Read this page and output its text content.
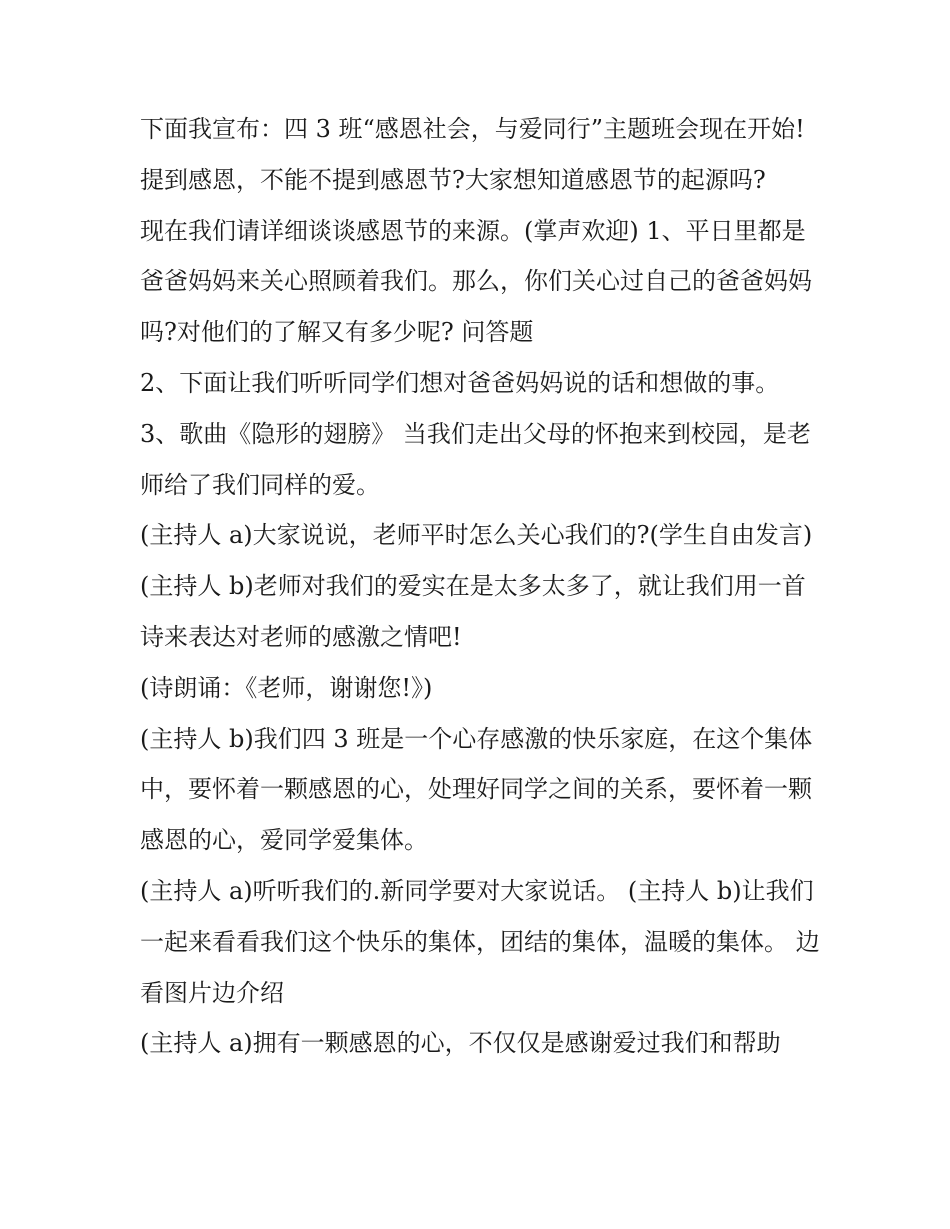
下面我宣布：四 3 班“感恩社会，与爱同行”主题班会现在开始! 提到感恩，不能不提到感恩节?大家想知道感恩节的起源吗?

现在我们请详细谈谈感恩节的来源。(掌声欢迎) 1、平日里都是爸爸妈妈来关心照顾着我们。那么，你们关心过自己的爸爸妈妈吗?对他们的了解又有多少呢? 问答题

2、下面让我们听听同学们想对爸爸妈妈说的话和想做的事。

3、歌曲《隐形的翅膀》 当我们走出父母的怀抱来到校园，是老师给了我们同样的爱。

(主持人 a)大家说说，老师平时怎么关心我们的?(学生自由发言) (主持人 b)老师对我们的爱实在是太多太多了，就让我们用一首诗来表达对老师的感激之情吧!

(诗朗诵：《老师，谢谢您!》)

(主持人 b)我们四 3 班是一个心存感激的快乐家庭，在这个集体中，要怀着一颗感恩的心，处理好同学之间的关系，要怀着一颗感恩的心，爱同学爱集体。

(主持人 a)听听我们的.新同学要对大家说话。 (主持人 b)让我们一起来看看我们这个快乐的集体，团结的集体，温暖的集体。 边看图片边介绍

(主持人 a)拥有一颗感恩的心，不仅仅是感谢爱过我们和帮助
